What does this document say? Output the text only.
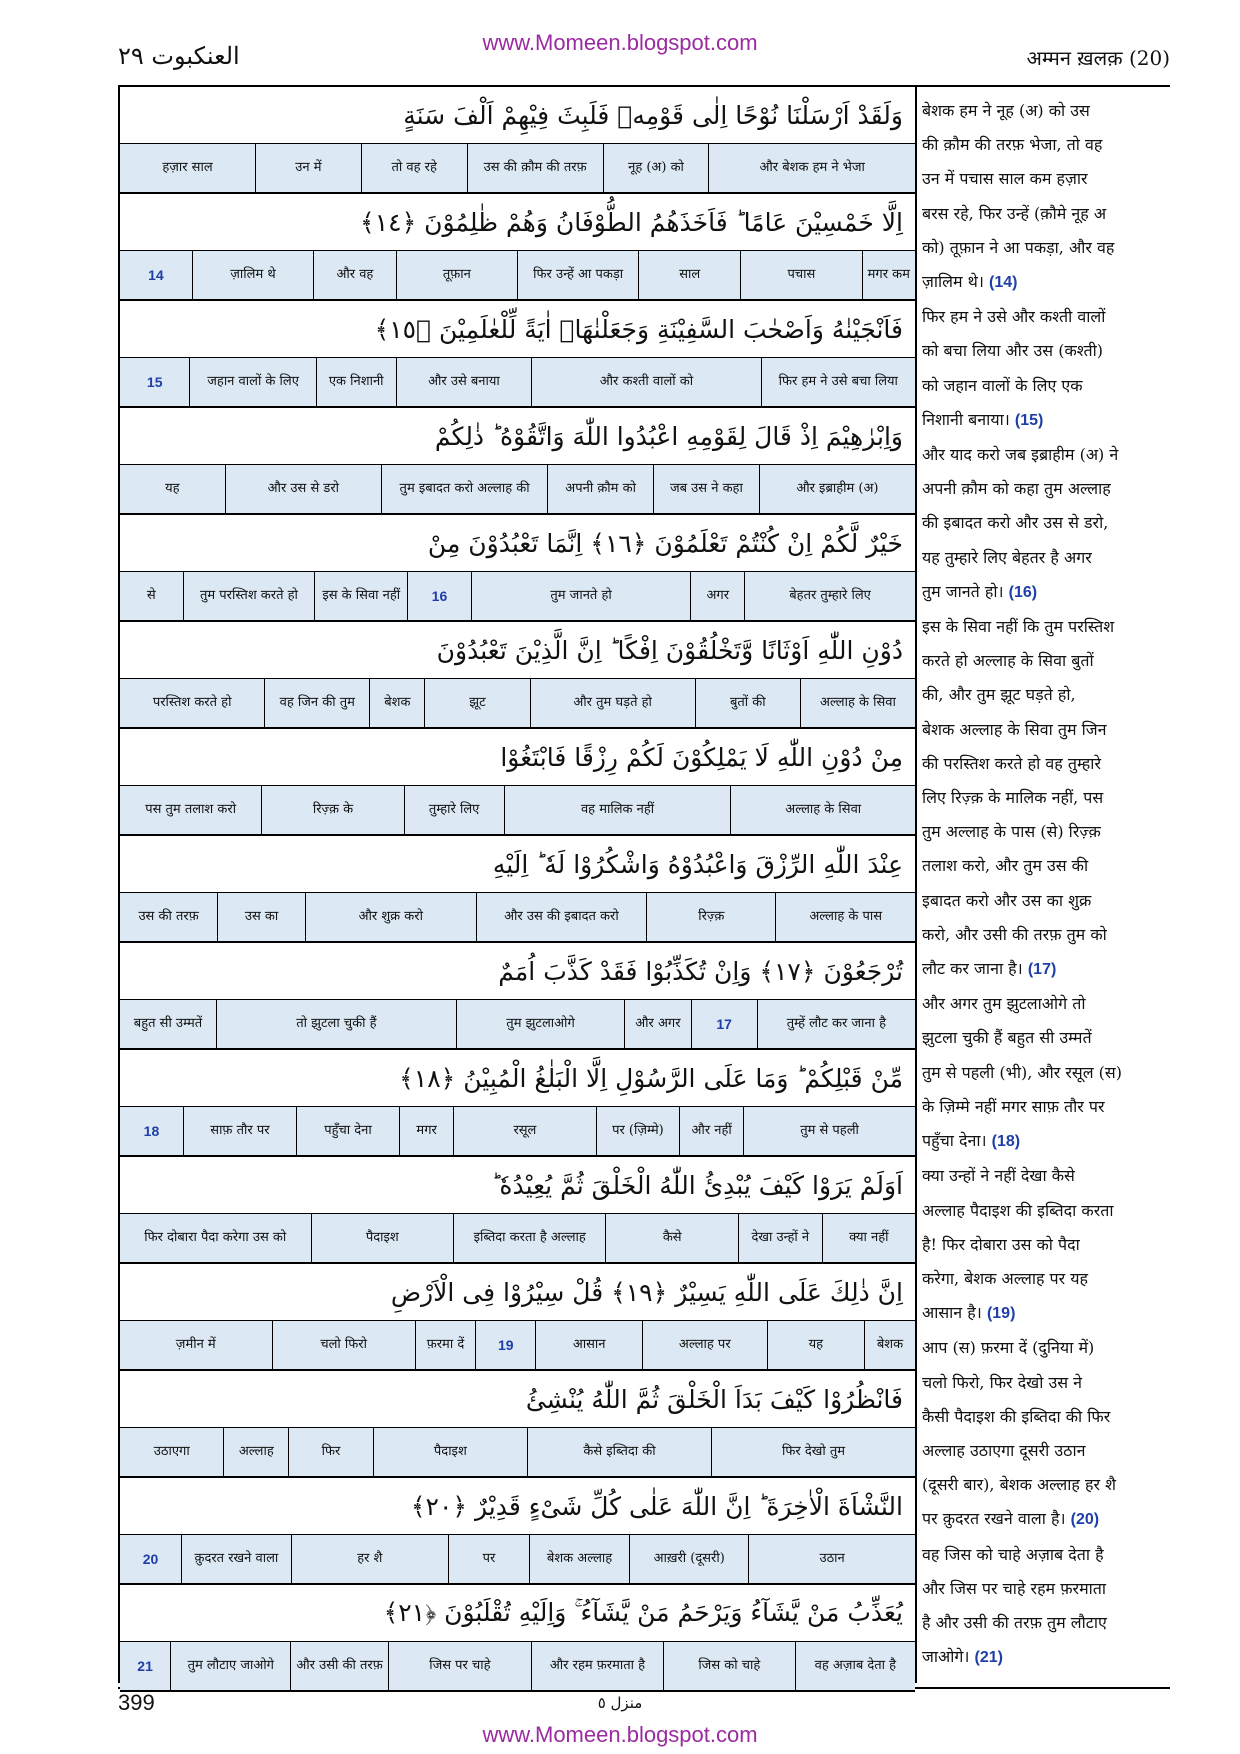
www.Momeen.blogspot.com
العنکبوت ٢٩	अम्मन ख़लक़ (20)
وَلَقَدْ اَرْسَلْنَا نُوْحًا اِلٰى قَوْمِهٖ فَلَبِثَ فِيْهِمْ اَلْفَ سَنَةٍ
और बेशक हम ने भेजा
नूह (अ) को
उस की क़ौम की तरफ़
तो वह रहे
उन में
हज़ार साल
اِلَّا خَمْسِيْنَ عَامًا ؕ فَاَخَذَهُمُ الطُّوْفَانُ وَهُمْ ظٰلِمُوْنَ ﴿١٤﴾
मगर कम
पचास
साल
फिर उन्हें आ पकड़ा
तूफ़ान
और वह
ज़ालिम थे
14
فَاَنْجَيْنٰهُ وَاَصْحٰبَ السَّفِيْنَةِ وَجَعَلْنٰهَاۤ اٰيَةً لِّلْعٰلَمِيْنَ ﴿١٥﴾
फिर हम ने उसे बचा लिया
और कश्ती वालों को
और उसे बनाया
एक निशानी
जहान वालों के लिए
15
وَاِبْرٰهِيْمَ اِذْ قَالَ لِقَوْمِهِ اعْبُدُوا اللّٰهَ وَاتَّقُوْهُ ؕ ذٰلِكُمْ
और इब्राहीम (अ)
जब उस ने कहा
अपनी क़ौम को
तुम इबादत करो अल्लाह की
और उस से डरो
यह
خَيْرٌ لَّكُمْ اِنْ كُنْتُمْ تَعْلَمُوْنَ ﴿١٦﴾ اِنَّمَا تَعْبُدُوْنَ مِنْ
बेहतर तुम्हारे लिए
अगर
तुम जानते हो
16
इस के सिवा नहीं
तुम परस्तिश करते हो
से
دُوْنِ اللّٰهِ اَوْثَانًا وَّتَخْلُقُوْنَ اِفْكًا ؕ اِنَّ الَّذِيْنَ تَعْبُدُوْنَ
अल्लाह के सिवा
बुतों की
और तुम घड़ते हो
झूट
बेशक
वह जिन की तुम
परस्तिश करते हो
مِنْ دُوْنِ اللّٰهِ لَا يَمْلِكُوْنَ لَكُمْ رِزْقًا فَابْتَغُوْا
अल्लाह के सिवा
वह मालिक नहीं
तुम्हारे लिए
रिज़्क़ के
पस तुम तलाश करो
عِنْدَ اللّٰهِ الرِّزْقَ وَاعْبُدُوْهُ وَاشْكُرُوْا لَهٗ ؕ اِلَيْهِ
अल्लाह के पास
रिज़्क़
और उस की इबादत करो
और शुक्र करो
उस का
उस की तरफ़
تُرْجَعُوْنَ ﴿١٧﴾ وَاِنْ تُكَذِّبُوْا فَقَدْ كَذَّبَ اُمَمٌ
तुम्हें लौट कर जाना है
17
और अगर
तुम झुटलाओगे
तो झुटला चुकी हैं
बहुत सी उम्मतें
مِّنْ قَبْلِكُمْ ؕ وَمَا عَلَى الرَّسُوْلِ اِلَّا الْبَلٰغُ الْمُبِيْنُ ﴿١٨﴾
तुम से पहली
और नहीं
पर (ज़िम्मे)
रसूल
मगर
पहुँचा देना
साफ़ तौर पर
18
اَوَلَمْ يَرَوْا كَيْفَ يُبْدِئُ اللّٰهُ الْخَلْقَ ثُمَّ يُعِيْدُهٗ ؕ
क्या नहीं
देखा उन्हों ने
कैसे
इब्तिदा करता है अल्लाह
पैदाइश
फिर दोबारा पैदा करेगा उस को
اِنَّ ذٰلِكَ عَلَى اللّٰهِ يَسِيْرٌ ﴿١٩﴾ قُلْ سِيْرُوْا فِى الْاَرْضِ
बेशक
यह
अल्लाह पर
आसान
19
फ़रमा दें
चलो फिरो
ज़मीन में
فَانْظُرُوْا كَيْفَ بَدَاَ الْخَلْقَ ثُمَّ اللّٰهُ يُنْشِئُ
फिर देखो तुम
कैसे इब्तिदा की
पैदाइश
फिर
अल्लाह
उठाएगा
النَّشْاَةَ الْاٰخِرَةَ ؕ اِنَّ اللّٰهَ عَلٰى كُلِّ شَىْءٍ قَدِيْرٌ ﴿٢٠﴾
उठान
आख़री (दूसरी)
बेशक अल्लाह
पर
हर शै
क़ुदरत रखने वाला
20
يُعَذِّبُ مَنْ يَّشَآءُ وَيَرْحَمُ مَنْ يَّشَآءُ ۚ وَاِلَيْهِ تُقْلَبُوْنَ ﴿٢١﴾
वह अज़ाब देता है
जिस को चाहे
और रहम फ़रमाता है
जिस पर चाहे
और उसी की तरफ़
तुम लौटाए जाओगे
21
बेशक हम ने नूह (अ) को उस
की क़ौम की तरफ़ भेजा, तो वह
उन में पचास साल कम हज़ार
बरस रहे, फिर उन्हें (क़ौमे नूह अ
को) तूफ़ान ने आ पकड़ा, और वह
ज़ालिम थे। (14)
फिर हम ने उसे और कश्ती वालों
को बचा लिया और उस (कश्ती)
को जहान वालों के लिए एक
निशानी बनाया। (15)
और याद करो जब इब्राहीम (अ) ने
अपनी क़ौम को कहा तुम अल्लाह
की इबादत करो और उस से डरो,
यह तुम्हारे लिए बेहतर है अगर
तुम जानते हो। (16)
इस के सिवा नहीं कि तुम परस्तिश
करते हो अल्लाह के सिवा बुतों
की, और तुम झूट घड़ते हो,
बेशक अल्लाह के सिवा तुम जिन
की परस्तिश करते हो वह तुम्हारे
लिए रिज़्क़ के मालिक नहीं, पस
तुम अल्लाह के पास (से) रिज़्क़
तलाश करो, और तुम उस की
इबादत करो और उस का शुक्र
करो, और उसी की तरफ़ तुम को
लौट कर जाना है। (17)
और अगर तुम झुटलाओगे तो
झुटला चुकी हैं बहुत सी उम्मतें
तुम से पहली (भी), और रसूल (स)
के ज़िम्मे नहीं मगर साफ़ तौर पर
पहुँचा देना। (18)
क्या उन्हों ने नहीं देखा कैसे
अल्लाह पैदाइश की इब्तिदा करता
है! फिर दोबारा उस को पैदा
करेगा, बेशक अल्लाह पर यह
आसान है। (19)
आप (स) फ़रमा दें (दुनिया में)
चलो फिरो, फिर देखो उस ने
कैसी पैदाइश की इब्तिदा की फिर
अल्लाह उठाएगा दूसरी उठान
(दूसरी बार), बेशक अल्लाह हर शै
पर क़ुदरत रखने वाला है। (20)
वह जिस को चाहे अज़ाब देता है
और जिस पर चाहे रहम फ़रमाता
है और उसी की तरफ़ तुम लौटाए
जाओगे। (21)
399	منزل ٥
www.Momeen.blogspot.com
